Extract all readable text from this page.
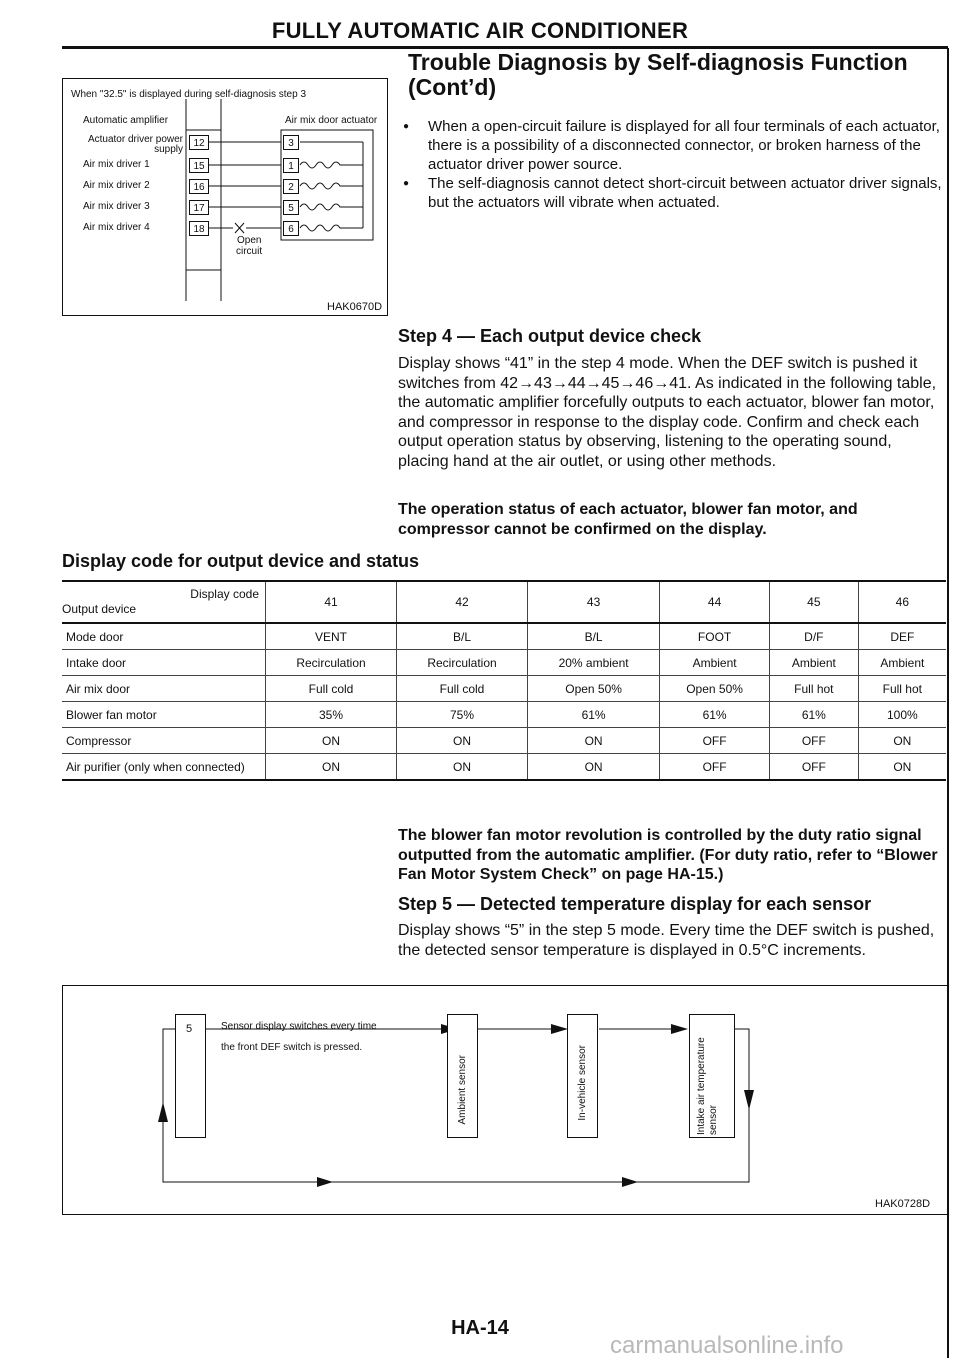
FULLY AUTOMATIC AIR CONDITIONER
Trouble Diagnosis by Self-diagnosis Function
(Cont’d)
● When a open-circuit failure is displayed for all four terminals of each actuator, there is a possibility of a disconnected connector, or broken harness of the actuator driver power source.
● The self-diagnosis cannot detect short-circuit between actuator driver signals, but the actuators will vibrate when actuated.
When "32.5" is displayed during self-diagnosis step 3
Automatic amplifier	Air mix door actuator
Actuator driver power supply
Air mix driver 1
Air mix driver 2
Air mix driver 3
Air mix driver 4
12
15
16
17
18
3
1
2
5
6
Open
circuit
HAK0670D
Step 4 — Each output device check
Display shows “41” in the step 4 mode. When the DEF switch is pushed it switches from 42→43→44→45→46→41. As indicated in the following table, the automatic amplifier forcefully outputs to each actuator, blower fan motor, and compressor in response to the display code. Confirm and check each output operation status by observing, listening to the operating sound, placing hand at the air outlet, or using other methods.
The operation status of each actuator, blower fan motor, and compressor cannot be confirmed on the display.
Display code for output device and status
Display code
Output device	41	42	43	44	45	46
Mode door	VENT	B/L	B/L	FOOT	D/F	DEF
Intake door	Recirculation	Recirculation	20% ambient	Ambient	Ambient	Ambient
Air mix door	Full cold	Full cold	Open 50%	Open 50%	Full hot	Full hot
Blower fan motor	35%	75%	61%	61%	61%	100%
Compressor	ON	ON	ON	OFF	OFF	ON
Air purifier (only when connected)	ON	ON	ON	OFF	OFF	ON
The blower fan motor revolution is controlled by the duty ratio signal outputted from the automatic amplifier. (For duty ratio, refer to “Blower Fan Motor System Check” on page HA-15.)
Step 5 — Detected temperature display for each sensor
Display shows “5” in the step 5 mode. Every time the DEF switch is pushed, the detected sensor temperature is displayed in 0.5°C increments.
5	Sensor display switches every time
the front DEF switch is pressed.
Ambient sensor	In-vehicle sensor	Intake air temperature sensor
HAK0728D
HA-14
carmanualsonline.info
